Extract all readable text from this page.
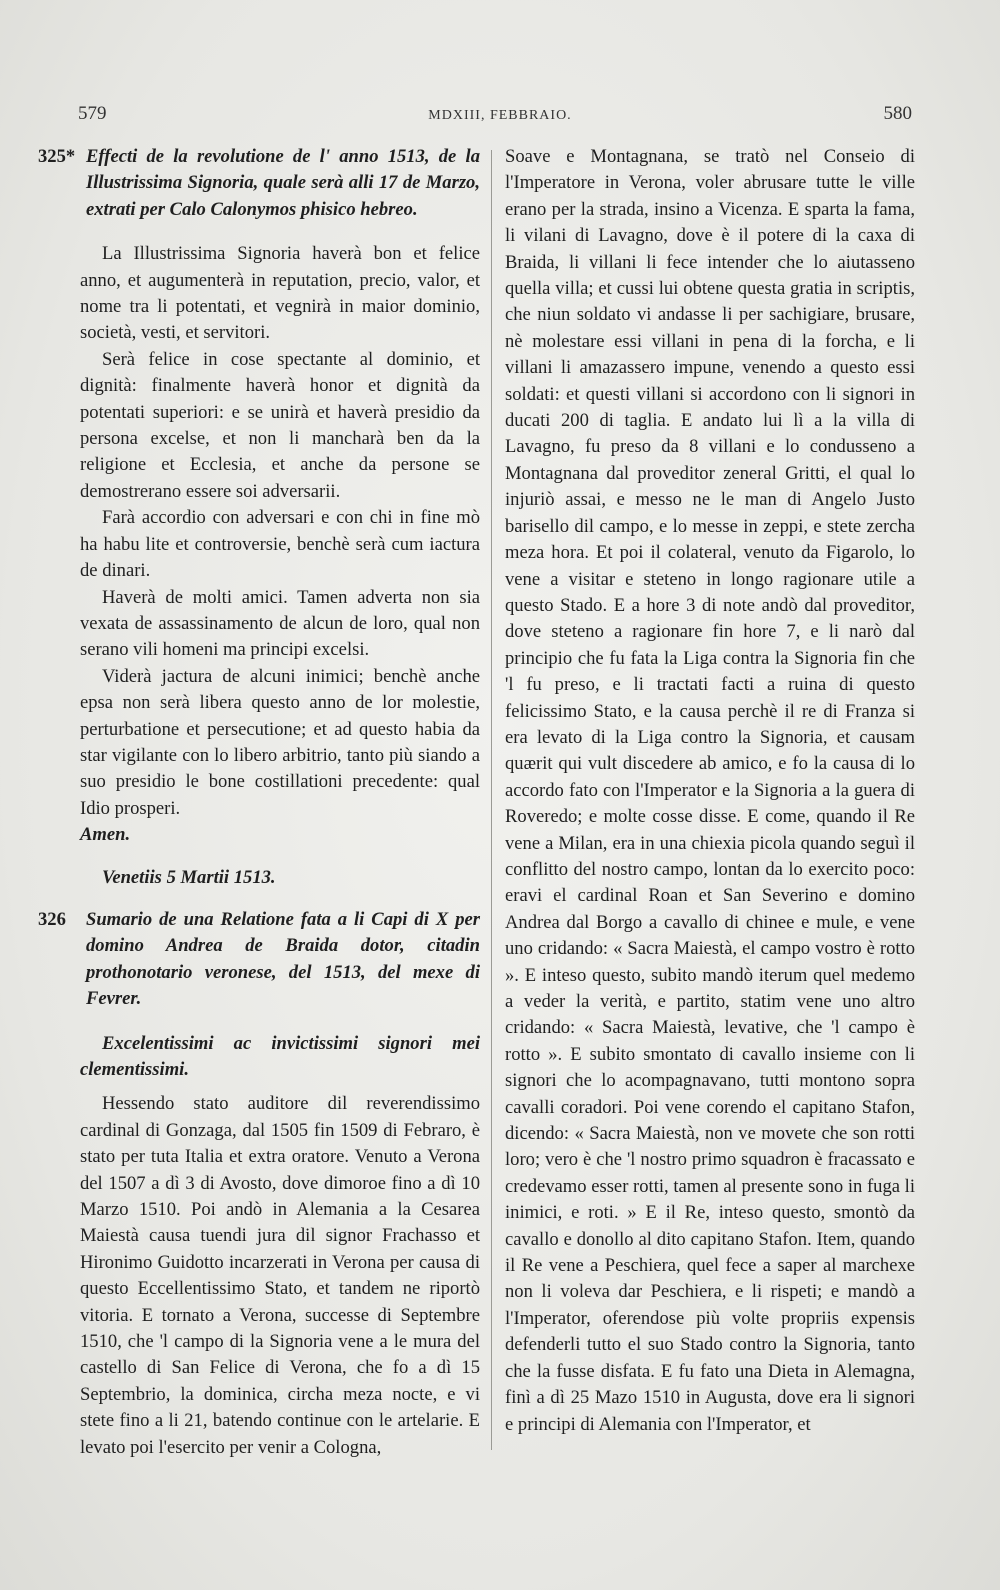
579	MDXIII, FEBBRAIO.	580
325* Effecti de la revolutione de l' anno 1513, de la Illustrissima Signoria, quale serà alli 17 de Marzo, extrati per Calo Calonymos phisico hebreo.

La Illustrissima Signoria haverà bon et felice anno, et augumenterà in reputation, precio, valor, et nome tra li potentati, et vegnirà in maior dominio, società, vesti, et servitori.

Serà felice in cose spectante al dominio, et dignità: finalmente haverà honor et dignità da potentati superiori: e se unirà et haverà presidio da persona excelse, et non li mancharà ben da la religione et Ecclesia, et anche da persone se demostrerano essere soi adversarii.

Farà accordio con adversari e con chi in fine mò ha habu lite et controversie, benchè serà cum iactura de dinari.

Haverà de molti amici. Tamen adverta non sia vexata de assassinamento de alcun de loro, qual non serano vili homeni ma principi excelsi.

Viderà jactura de alcuni inimici; benchè anche epsa non serà libera questo anno de lor molestie, perturbatione et persecutione; et ad questo habia da star vigilante con lo libero arbitrio, tanto più siando a suo presidio le bone costillationi precedente: qual Idio prosperi.

Amen.

Venetiis 5 Martii 1513.

326 Sumario de una Relatione fata a li Capi di X per domino Andrea de Braida dotor, citadin prothonotario veronese, del 1513, del mexe di Fevrer.

Excelentissimi ac invictissimi signori mei clementissimi.

Hessendo stato auditore dil reverendissimo cardinal di Gonzaga, dal 1505 fin 1509 di Febraro, è stato per tuta Italia et extra oratore. Venuto a Verona del 1507 a dì 3 di Avosto, dove dimoroe fino a dì 10 Marzo 1510. Poi andò in Alemania a la Cesarea Maiestà causa tuendi jura dil signor Frachasso et Hironimo Guidotto incarzerati in Verona per causa di questo Eccellentissimo Stato, et tandem ne riportò vitoria. E tornato a Verona, successe di Septembre 1510, che 'l campo di la Signoria vene a le mura del castello di San Felice di Verona, che fo a dì 15 Septembrio, la dominica, circha meza nocte, e vi stete fino a li 21, batendo continue con le artelarie. E levato poi l'esercito per venir a Cologna,

Soave e Montagnana, se tratò nel Conseio di l'Imperatore in Verona, voler abrusare tutte le ville erano per la strada, insino a Vicenza. E sparta la fama, li vilani di Lavagno, dove è il potere di la caxa di Braida, li villani li fece intender che lo aiutasseno quella villa; et cussi lui obtene questa gratia in scriptis, che niun soldato vi andasse li per sachigiare, brusare, nè molestare essi villani in pena di la forcha, e li villani li amazassero impune, venendo a questo essi soldati: et questi villani si accordono con li signori in ducati 200 di taglia. E andato lui lì a la villa di Lavagno, fu preso da 8 villani e lo condusseno a Montagnana dal proveditor zeneral Gritti, el qual lo injuriò assai, e messo ne le man di Angelo Justo barisello dil campo, e lo messe in zeppi, e stete zercha meza hora. Et poi il colateral, venuto da Figarolo, lo vene a visitar e steteno in longo ragionare utile a questo Stado. E a hore 3 di note andò dal proveditor, dove steteno a ragionare fin hore 7, e li narò dal principio che fu fata la Liga contra la Signoria fin che 'l fu preso, e li tractati facti a ruina di questo felicissimo Stato, e la causa perchè il re di Franza si era levato di la Liga contro la Signoria, et causam quærit qui vult discedere ab amico, e fo la causa di lo accordo fato con l'Imperator e la Signoria a la guera di Roveredo; e molte cosse disse. E come, quando il Re vene a Milan, era in una chiexia picola quando seguì il conflitto del nostro campo, lontan da lo exercito poco: eravi el cardinal Roan et San Severino e domino Andrea dal Borgo a cavallo di chinee e mule, e vene uno cridando: « Sacra Maiestà, el campo vostro è rotto ». E inteso questo, subito mandò iterum quel medemo a veder la verità, e partito, statim vene uno altro cridando: « Sacra Maiestà, levative, che 'l campo è rotto ». E subito smontato di cavallo insieme con li signori che lo acompagnavano, tutti montono sopra cavalli coradori. Poi vene corendo el capitano Stafon, dicendo: « Sacra Maiestà, non ve movete che son rotti loro; vero è che 'l nostro primo squadron è fracassato e credevamo esser rotti, tamen al presente sono in fuga li inimici, e roti. » E il Re, inteso questo, smontò da cavallo e donollo al dito capitano Stafon. Item, quando il Re vene a Peschiera, quel fece a saper al marchexe non li voleva dar Peschiera, e li rispeti; e mandò a l'Imperator, oferendose più volte propriis expensis defenderli tutto el suo Stado contro la Signoria, tanto che la fusse disfata. E fu fato una Dieta in Alemagna, finì a dì 25 Mazo 1510 in Augusta, dove era li signori e principi di Alemania con l'Imperator, et
